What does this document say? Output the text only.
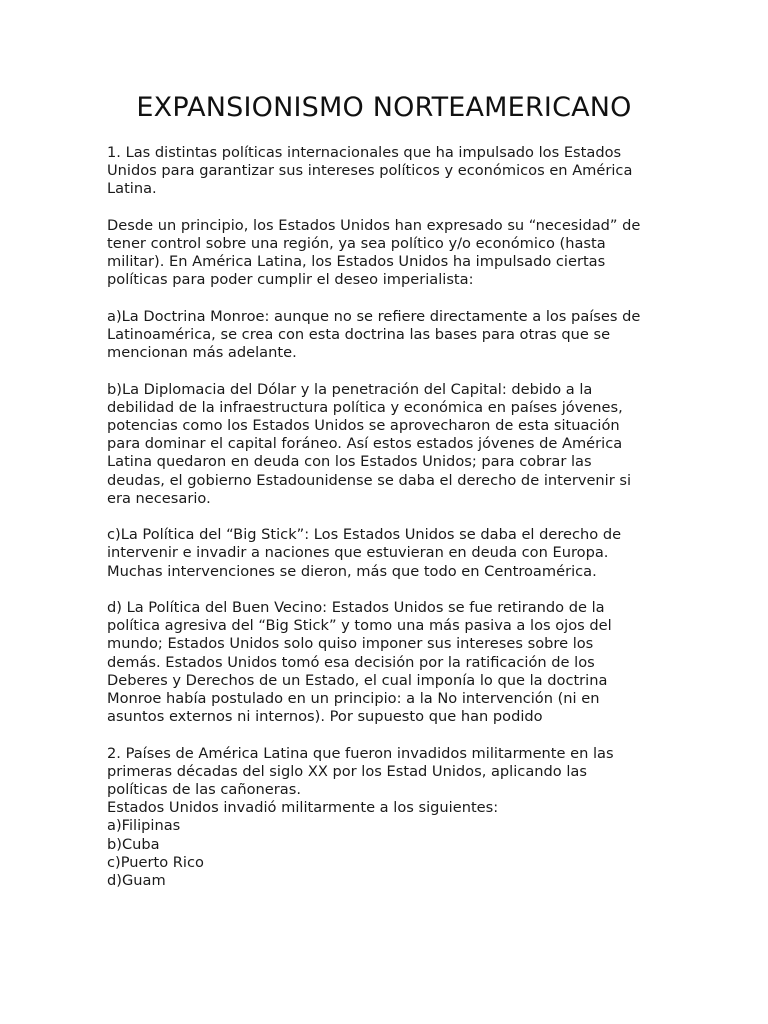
EXPANSIONISMO NORTEAMERICANO

1. Las distintas políticas internacionales que ha impulsado los Estados
Unidos para garantizar sus intereses políticos y económicos en América
Latina.

Desde un principio, los Estados Unidos han expresado su “necesidad” de
tener control sobre una región, ya sea político y/o económico (hasta
militar). En América Latina, los Estados Unidos ha impulsado ciertas
políticas para poder cumplir el deseo imperialista:

a)La Doctrina Monroe: aunque no se refiere directamente a los países de
Latinoamérica, se crea con esta doctrina las bases para otras que se
mencionan más adelante.

b)La Diplomacia del Dólar y la penetración del Capital: debido a la
debilidad de la infraestructura política y económica en países jóvenes,
potencias como los Estados Unidos se aprovecharon de esta situación
para dominar el capital foráneo. Así estos estados jóvenes de América
Latina quedaron en deuda con los Estados Unidos; para cobrar las
deudas, el gobierno Estadounidense se daba el derecho de intervenir si
era necesario.

c)La Política del “Big Stick”: Los Estados Unidos se daba el derecho de
intervenir e invadir a naciones que estuvieran en deuda con Europa.
Muchas intervenciones se dieron, más que todo en Centroamérica.

d) La Política del Buen Vecino: Estados Unidos se fue retirando de la
política agresiva del “Big Stick” y tomo una más pasiva a los ojos del
mundo; Estados Unidos solo quiso imponer sus intereses sobre los
demás. Estados Unidos tomó esa decisión por la ratificación de los
Deberes y Derechos de un Estado, el cual imponía lo que la doctrina
Monroe había postulado en un principio: a la No intervención (ni en
asuntos externos ni internos). Por supuesto que han podido

2. Países de América Latina que fueron invadidos militarmente en las
primeras décadas del siglo XX por los Estad Unidos, aplicando las
políticas de las cañoneras.

Estados Unidos invadió militarmente a los siguientes:

a)Filipinas
b)Cuba
c)Puerto Rico
d)Guam
